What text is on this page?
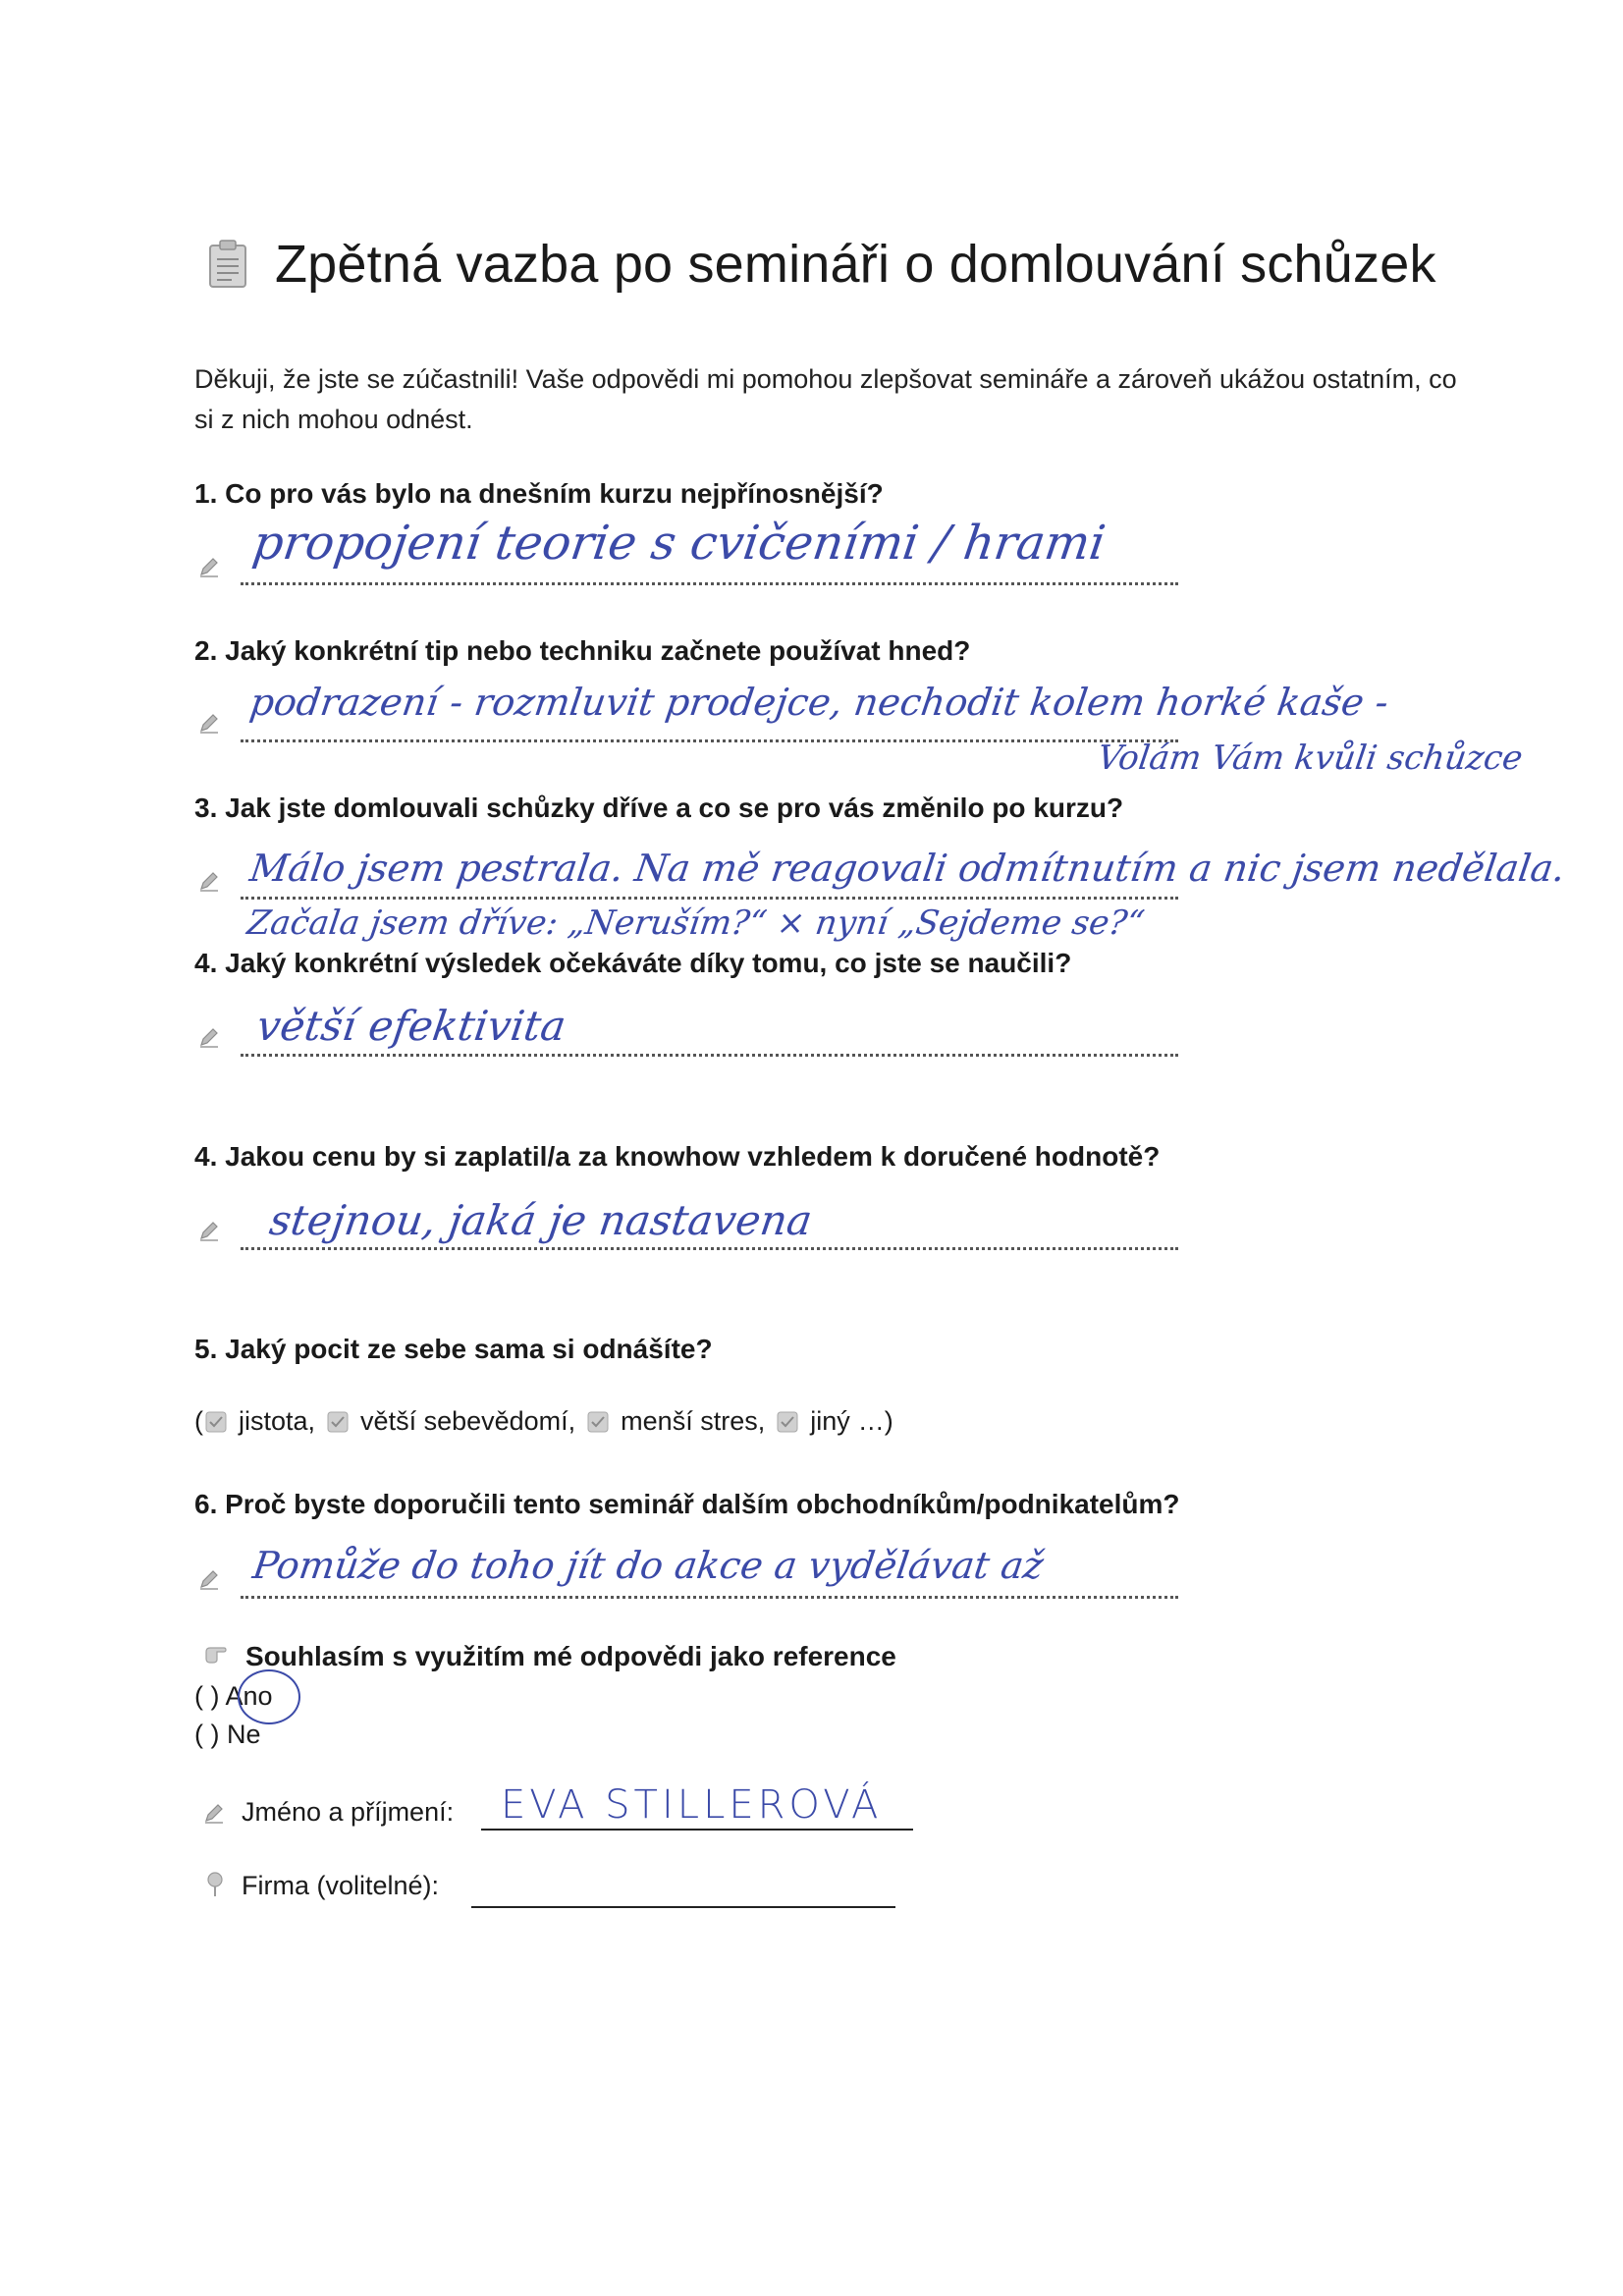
Zpětná vazba po semináři o domlouvání schůzek
Děkuji, že jste se zúčastnili! Vaše odpovědi mi pomohou zlepšovat semináře a zároveň ukážou ostatním, co si z nich mohou odnést.
1. Co pro vás bylo na dnešním kurzu nejpřínosnější?
propojení teorie s cvičeními / hrami
2. Jaký konkrétní tip nebo techniku začnete používat hned?
podrazení - rozmluvit prodejce, nechodit kolem horké kaše -
Volám Vám kvůli schůzce
3. Jak jste domlouvali schůzky dříve a co se pro vás změnilo po kurzu?
Málo jsem pestrala. Na mě reagovali odmítnutím a nic jsem nedělala.
Začala jsem dříve: „Neruším?“ × nyní „Sejdeme se?“
4. Jaký konkrétní výsledek očekáváte díky tomu, co jste se naučili?
větší efektivita
4. Jakou cenu by si zaplatil/a za knowhow vzhledem k doručené hodnotě?
stejnou, jaká je nastavena
5. Jaký pocit ze sebe sama si odnášíte?
( jistota, větší sebevědomí, menší stres, jiný …)
6. Proč byste doporučili tento seminář dalším obchodníkům/podnikatelům?
Pomůže do toho jít do akce a vydělávat až
Souhlasím s využitím mé odpovědi jako reference
( ) Ano
( ) Ne
Jméno a příjmení: EVA STILLEROVÁ
Firma (volitelné):
